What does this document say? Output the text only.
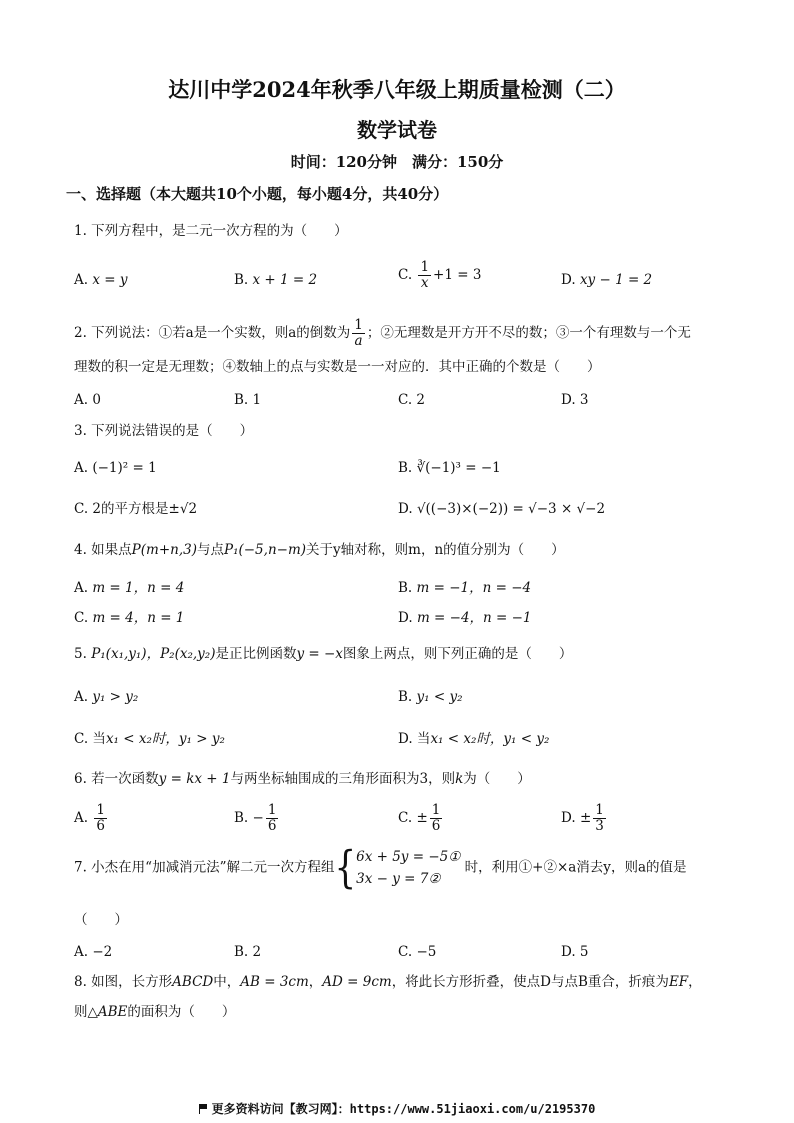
达川中学2024年秋季八年级上期质量检测（二）
数学试卷
时间：120分钟　满分：150分
一、选择题（本大题共10个小题，每小题4分，共40分）
1. 下列方程中，是二元一次方程的为（　　）
A. x = y	B. x + 1 = 2	C. $\frac{1}{x} +1 = 3$	D. xy − 1 = 2
2. 下列说法：①若a是一个实数，则a的倒数为 $\frac{1}{a}$ ；②无理数是开方开不尽的数；③一个有理数与一个无
理数的积一定是无理数；④数轴上的点与实数是一一对应的．其中正确的个数是（　　）
A. 0	B. 1	C. 2	D. 3
3. 下列说法错误的是（　　）
A. (−1)² = 1	B. ∛(−1)³ = −1
C. 2的平方根是±√2	D. √((−3)×(−2)) = √−3 × √−2
4. 如果点P(m+n,3)与点P₁(−5,n−m)关于y轴对称，则m，n的值分别为（　　）
A. m = 1，n = 4	B. m = −1，n = −4
C. m = 4，n = 1	D. m = −4，n = −1
5. P₁(x₁,y₁)，P₂(x₂,y₂)是正比例函数y = −x图象上两点，则下列正确的是（　　）
A. y₁ > y₂	B. y₁ < y₂
C. 当x₁ < x₂时，y₁ > y₂	D. 当x₁ < x₂时，y₁ < y₂
6. 若一次函数y = kx + 1与两坐标轴围成的三角形面积为3，则k为（　　）
A. $\frac{1}{6}$	B. − $\frac{1}{6}$	C. ± $\frac{1}{6}$	D. ± $\frac{1}{3}$
7. 小杰在用“加减消元法”解二元一次方程组{ 6x + 5y = −5①
3x − y = 7②
时，利用①+②×a消去y，则a的值是
（　　）
A. −2	B. 2	C. −5	D. 5
8. 如图，长方形ABCD中，AB = 3cm，AD = 9cm，将此长方形折叠，使点D与点B重合，折痕为EF，
则△ABE的面积为（　　）
更多资料访问【教习网】：https://www.51jiaoxi.com/u/2195370
